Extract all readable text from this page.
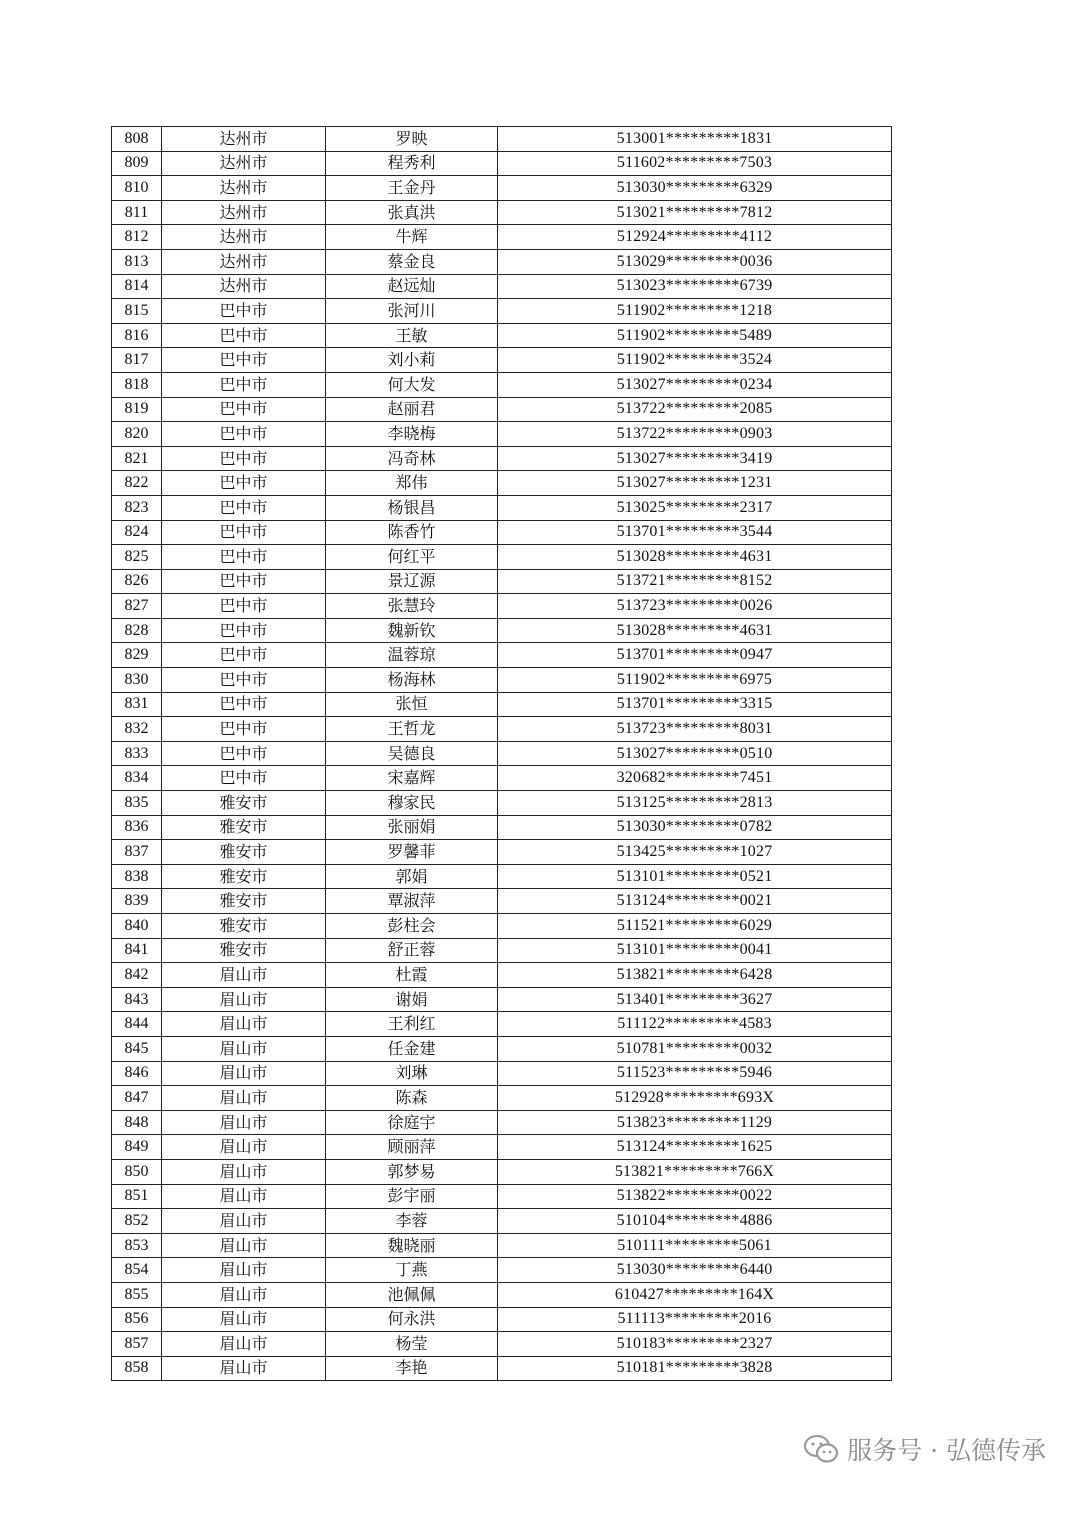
808	达州市	罗映	513001*********1831
809	达州市	程秀利	511602*********7503
810	达州市	王金丹	513030*********6329
811	达州市	张真洪	513021*********7812
812	达州市	牛辉	512924*********4112
813	达州市	蔡金良	513029*********0036
814	达州市	赵远灿	513023*********6739
815	巴中市	张河川	511902*********1218
816	巴中市	王敏	511902*********5489
817	巴中市	刘小莉	511902*********3524
818	巴中市	何大发	513027*********0234
819	巴中市	赵丽君	513722*********2085
820	巴中市	李晓梅	513722*********0903
821	巴中市	冯奇林	513027*********3419
822	巴中市	郑伟	513027*********1231
823	巴中市	杨银昌	513025*********2317
824	巴中市	陈香竹	513701*********3544
825	巴中市	何红平	513028*********4631
826	巴中市	景辽源	513721*********8152
827	巴中市	张慧玲	513723*********0026
828	巴中市	魏新钦	513028*********4631
829	巴中市	温蓉琼	513701*********0947
830	巴中市	杨海林	511902*********6975
831	巴中市	张恒	513701*********3315
832	巴中市	王哲龙	513723*********8031
833	巴中市	吴德良	513027*********0510
834	巴中市	宋嘉辉	320682*********7451
835	雅安市	穆家民	513125*********2813
836	雅安市	张丽娟	513030*********0782
837	雅安市	罗馨菲	513425*********1027
838	雅安市	郭娟	513101*********0521
839	雅安市	覃淑萍	513124*********0021
840	雅安市	彭柱会	511521*********6029
841	雅安市	舒正蓉	513101*********0041
842	眉山市	杜霞	513821*********6428
843	眉山市	谢娟	513401*********3627
844	眉山市	王利红	511122*********4583
845	眉山市	任金建	510781*********0032
846	眉山市	刘琳	511523*********5946
847	眉山市	陈森	512928*********693X
848	眉山市	徐庭宇	513823*********1129
849	眉山市	顾丽萍	513124*********1625
850	眉山市	郭梦易	513821*********766X
851	眉山市	彭宇丽	513822*********0022
852	眉山市	李蓉	510104*********4886
853	眉山市	魏晓丽	510111*********5061
854	眉山市	丁燕	513030*********6440
855	眉山市	池佩佩	610427*********164X
856	眉山市	何永洪	511113*********2016
857	眉山市	杨莹	510183*********2327
858	眉山市	李艳	510181*********3828
服务号 · 弘德传承
